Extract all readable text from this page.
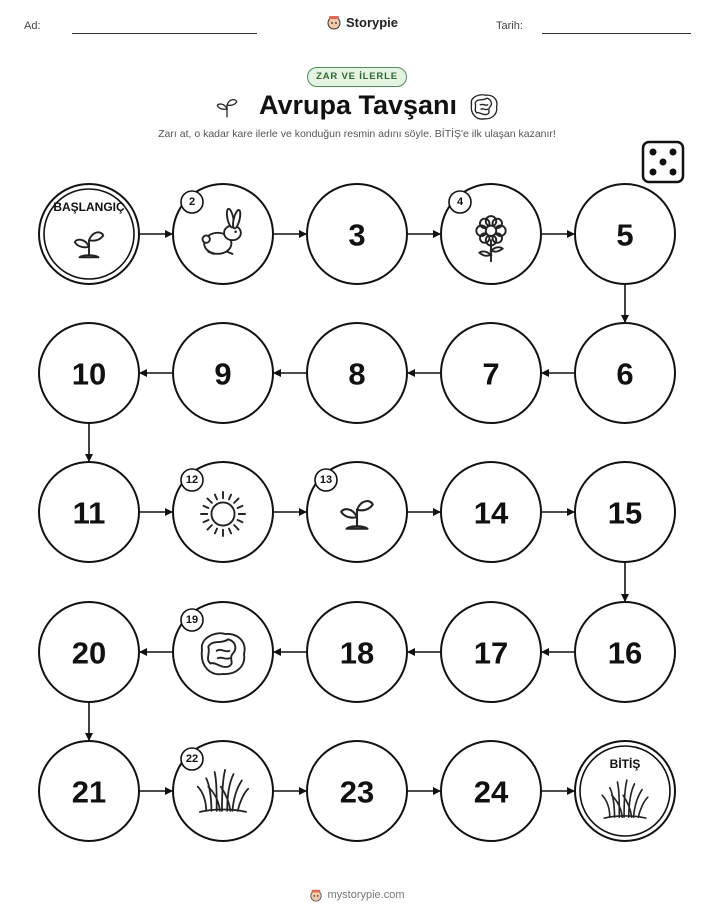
Ad:	Storypie	Tarih:
ZAR VE İLERLE
Avrupa Tavşanı
Zarı at, o kadar kare ilerle ve konduğun resmin adını söyle. BİTİŞ'e ilk ulaşan kazanır!
BAŞLANGIÇ	2
3
4
5
6
7
8
9
10
11
12	13
14	15
16
17
18
19
20
21
22
23	24
BİTİŞ
mystorypie.com
